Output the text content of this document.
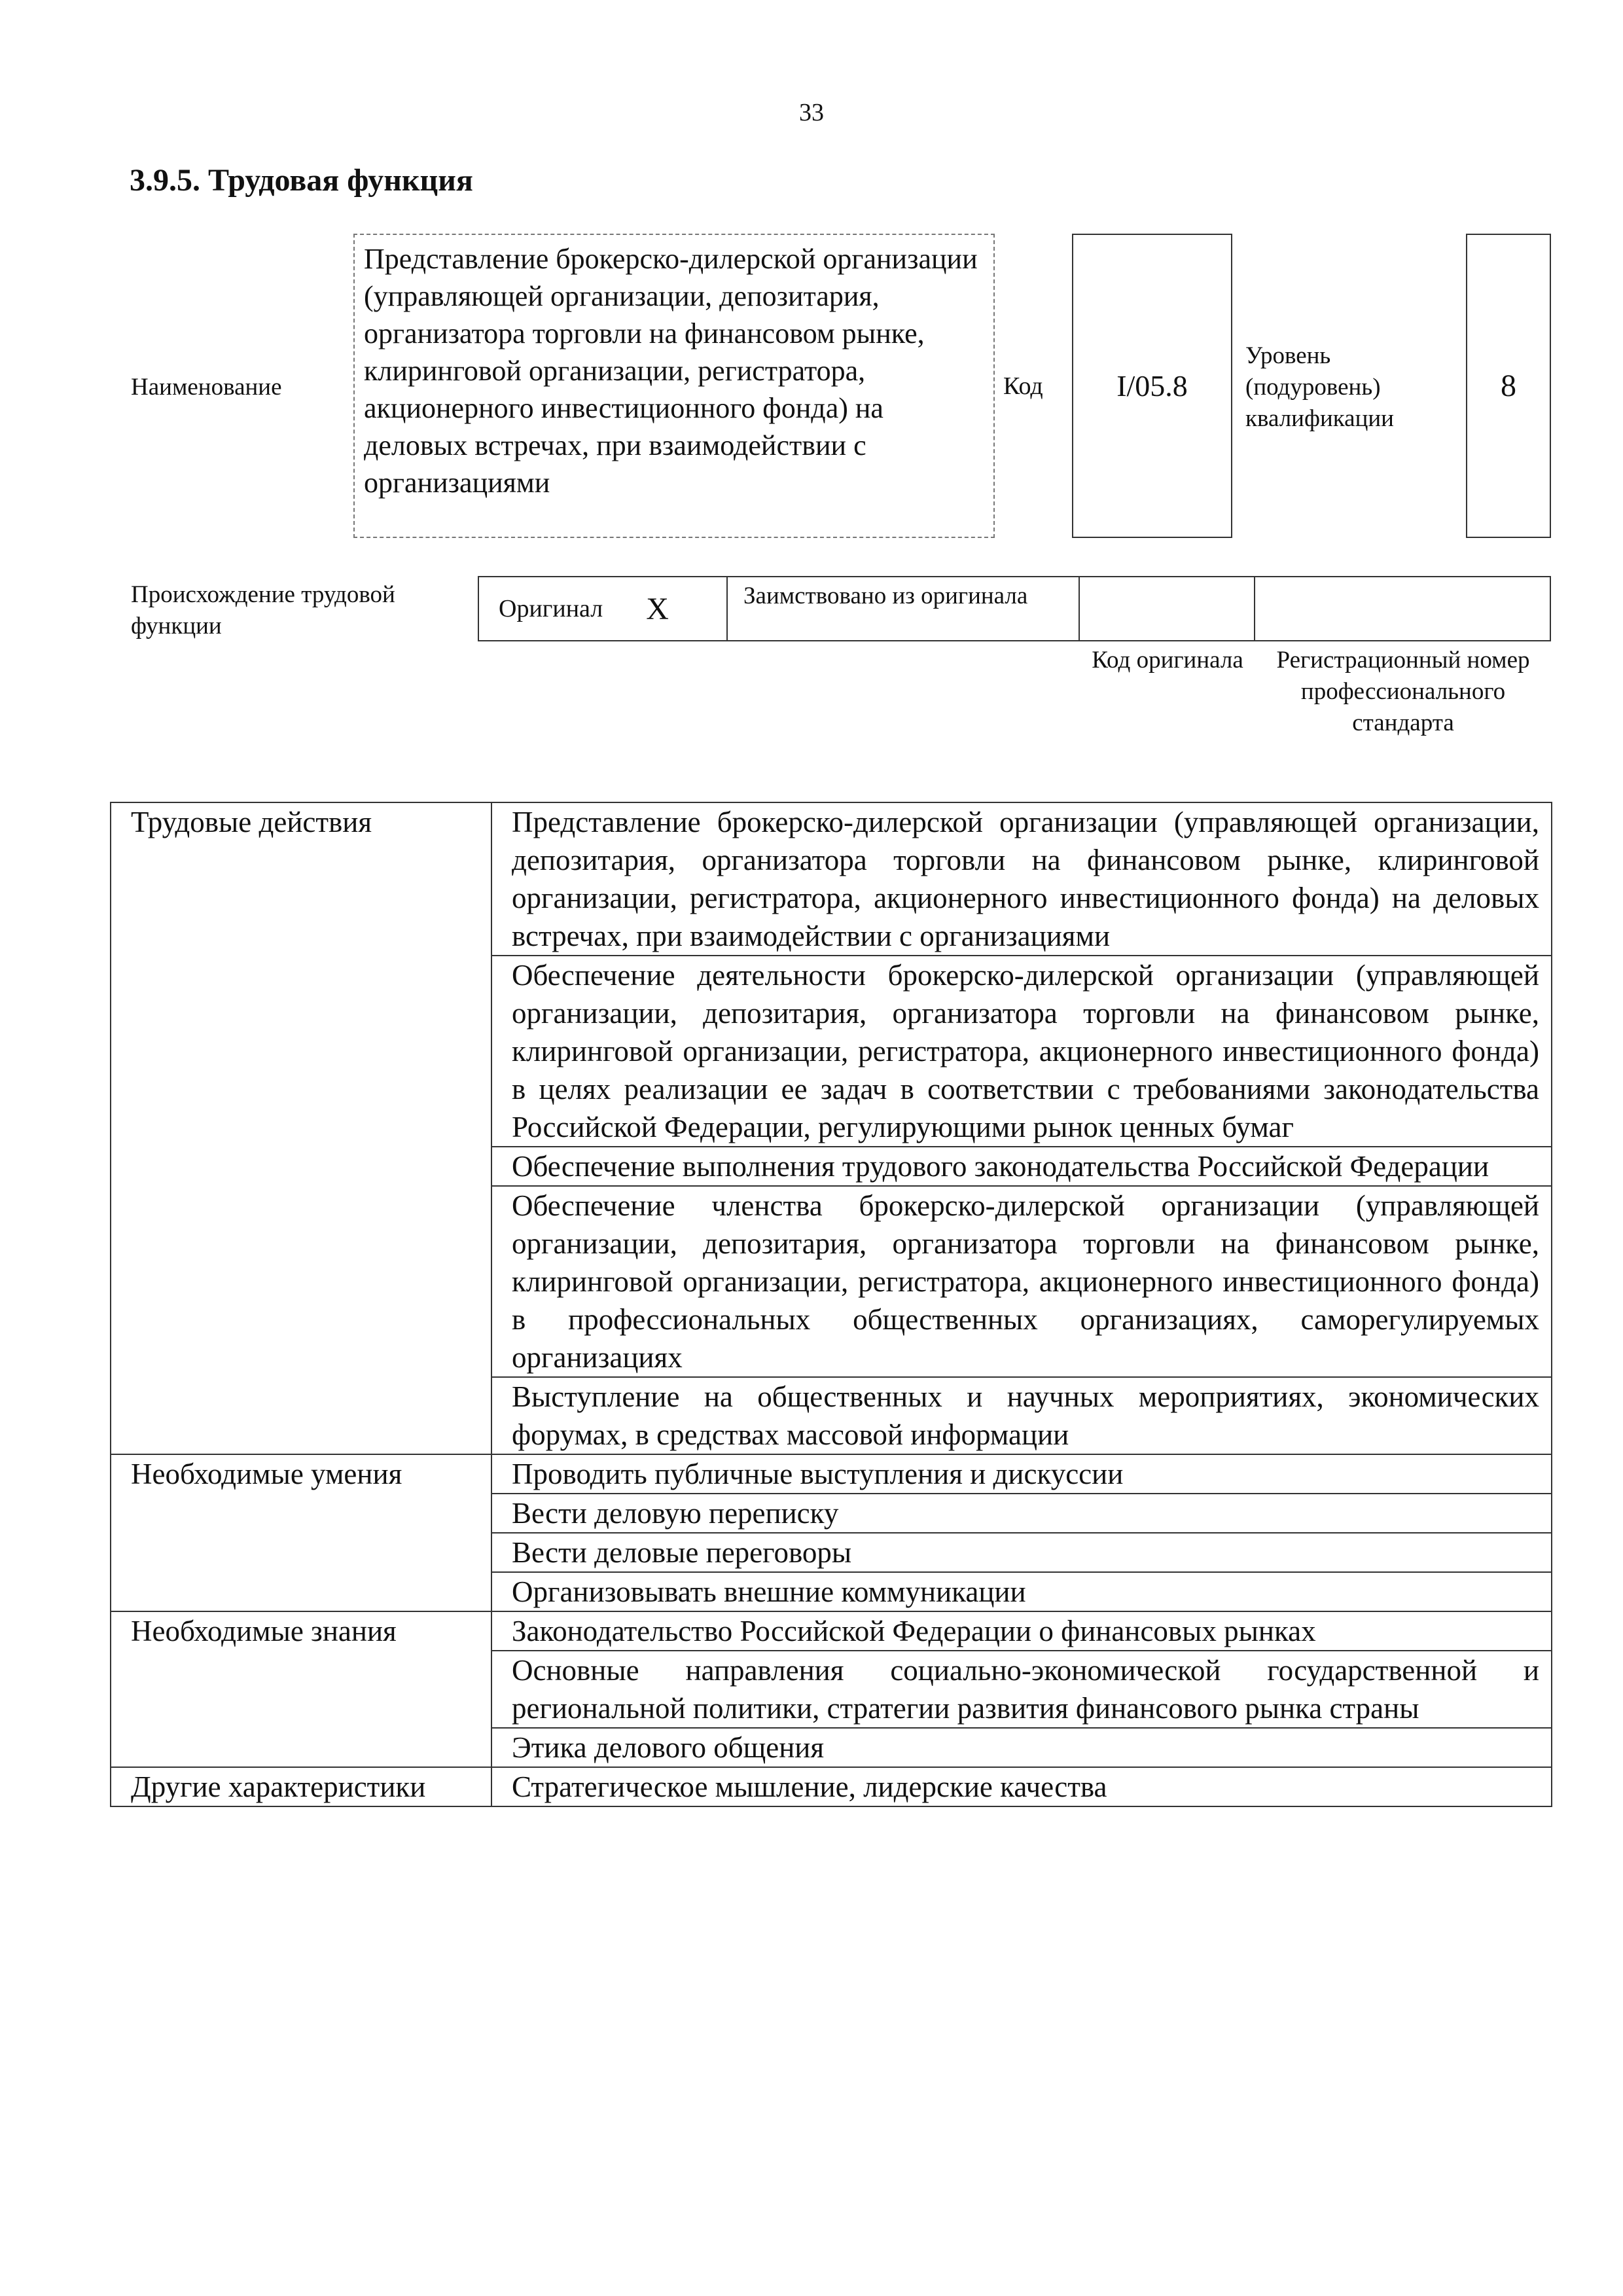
33
3.9.5. Трудовая функция
Наименование
Представление брокерско-дилерской организации (управляющей организации, депозитария, организатора торговли на финансовом рынке, клиринговой организации, регистратора, акционерного инвестиционного фонда) на деловых встречах, при взаимодействии с организациями
Код I/05.8
Уровень (подуровень) квалификации
8
Происхождение трудовой функции
Оригинал X	Заимствовано из оригинала
Код оригинала	Регистрационный номер профессионального стандарта
Трудовые действия	Представление брокерско-дилерской организации (управляющей организации, депозитария, организатора торговли на финансовом рынке, клиринговой организации, регистратора, акционерного инвестиционного фонда) на деловых встречах, при взаимодействии с организациями
	Обеспечение деятельности брокерско-дилерской организации (управляющей организации, депозитария, организатора торговли на финансовом рынке, клиринговой организации, регистратора, акционерного инвестиционного фонда) в целях реализации ее задач в соответствии с требованиями законодательства Российской Федерации, регулирующими рынок ценных бумаг
	Обеспечение выполнения трудового законодательства Российской Федерации
	Обеспечение членства брокерско-дилерской организации (управляющей организации, депозитария, организатора торговли на финансовом рынке, клиринговой организации, регистратора, акционерного инвестиционного фонда) в профессиональных общественных организациях, саморегулируемых организациях
	Выступление на общественных и научных мероприятиях, экономических форумах, в средствах массовой информации
Необходимые умения	Проводить публичные выступления и дискуссии
	Вести деловую переписку
	Вести деловые переговоры
	Организовывать внешние коммуникации
Необходимые знания	Законодательство Российской Федерации о финансовых рынках
	Основные направления социально-экономической государственной и региональной политики, стратегии развития финансового рынка страны
	Этика делового общения
Другие характеристики	Стратегическое мышление, лидерские качества
